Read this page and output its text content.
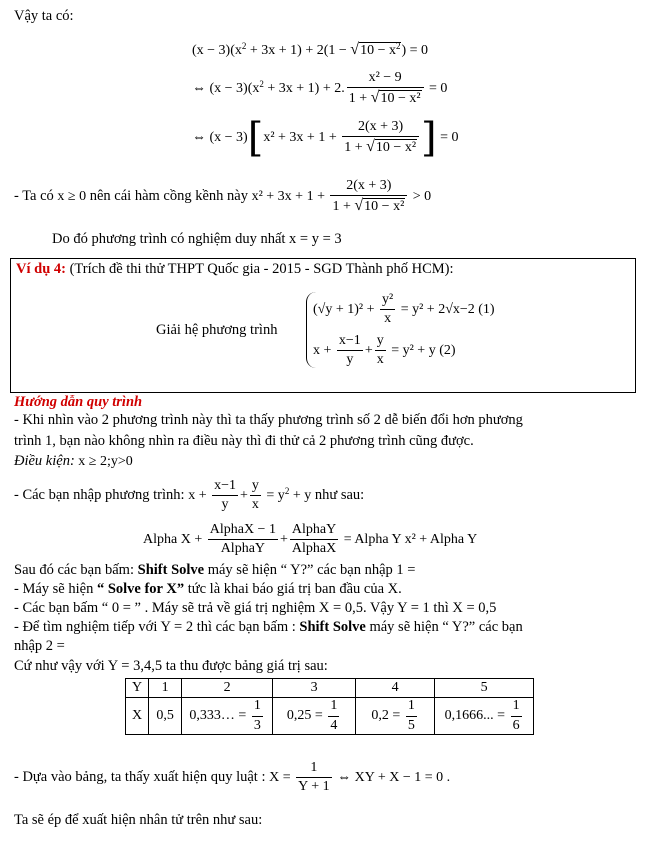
Vậy ta có:
$(x - 3)(x^2 + 3x + 1) + 2(1 - √10 - x^2) = 0$
⇔ $(x - 3)(x^2 + 3x + 1) + 2$. $\frac{\text{x² − 9}}{\text{1 + √10 − x²}} = 0$
⇔ $(x - 3)[x^2 + 3x + 1 + \frac{2(x + 3)}{\text{1 + √10 − x²}}$ ] = 0
- Ta có x ≥ 0 nên cái hàm cồng kềnh này $x^2 + 3x + 1 + \frac{2(x + 3)}{\text{1 + √10 − x²}} > 0$
Do đó phương trình có nghiệm duy nhất x = y = 3
Ví dụ 4: (Trích đề thi thử THPT Quốc gia - 2015 - SGD Thành phố HCM):
Giải hệ phương trình
$(√y + 1)^2 + \frac{\text{y²}}{x} = y^2 + 2√x-2$ (1)
$x + \frac{x-1}{y} + \frac{y}{x} = y^2 + y$ (2)
Hướng dẫn quy trình
- Khi nhìn vào 2 phương trình này thì ta thấy phương trình số 2 dễ biến đổi hơn phương
trình 1, bạn nào không nhìn ra điều này thì đi thử cả 2 phương trình cũng được.
Điều kiện: x ≥ 2;y>0
- Các bạn nhập phương trình: $x + \frac{x-1}{y} + \frac{y}{x} = y^2 + y$ như sau:
Alpha $X + \frac{\text{AlphaX − 1}}{\text{AlphaY}} + \frac{\text{AlphaY}}{\text{AlphaX}}$ = Alpha Y x² + Alpha Y
Sau đó các bạn bấm: Shift Solve máy sẽ hiện “ Y?” các bạn nhập 1 =
- Máy sẽ hiện “ Solve for X” tức là khai báo giá trị ban đầu của X.
- Các bạn bấm “ 0 = ” . Máy sẽ trả về giá trị nghiệm X = 0,5. Vậy Y = 1 thì X = 0,5
- Để tìm nghiệm tiếp với Y = 2 thì các bạn bấm : Shift Solve máy sẽ hiện “ Y?” các bạn
nhập 2 =
Cứ như vậy với Y = 3,4,5 ta thu được bảng giá trị sau:
Y	1	2	3	4	5
X	0,5	0,333… = $\frac{1}{3}$	$0,25 = \frac{1}{4}$	$0,2 = \frac{1}{5}$	0,1666... = $\frac{1}{6}$
- Dựa vào bảng, ta thấy xuất hiện quy luật : $X = \frac{1}{Y + 1}$ ⇔ XY + X − 1 = 0 .
Ta sẽ ép để xuất hiện nhân tử trên như sau:
